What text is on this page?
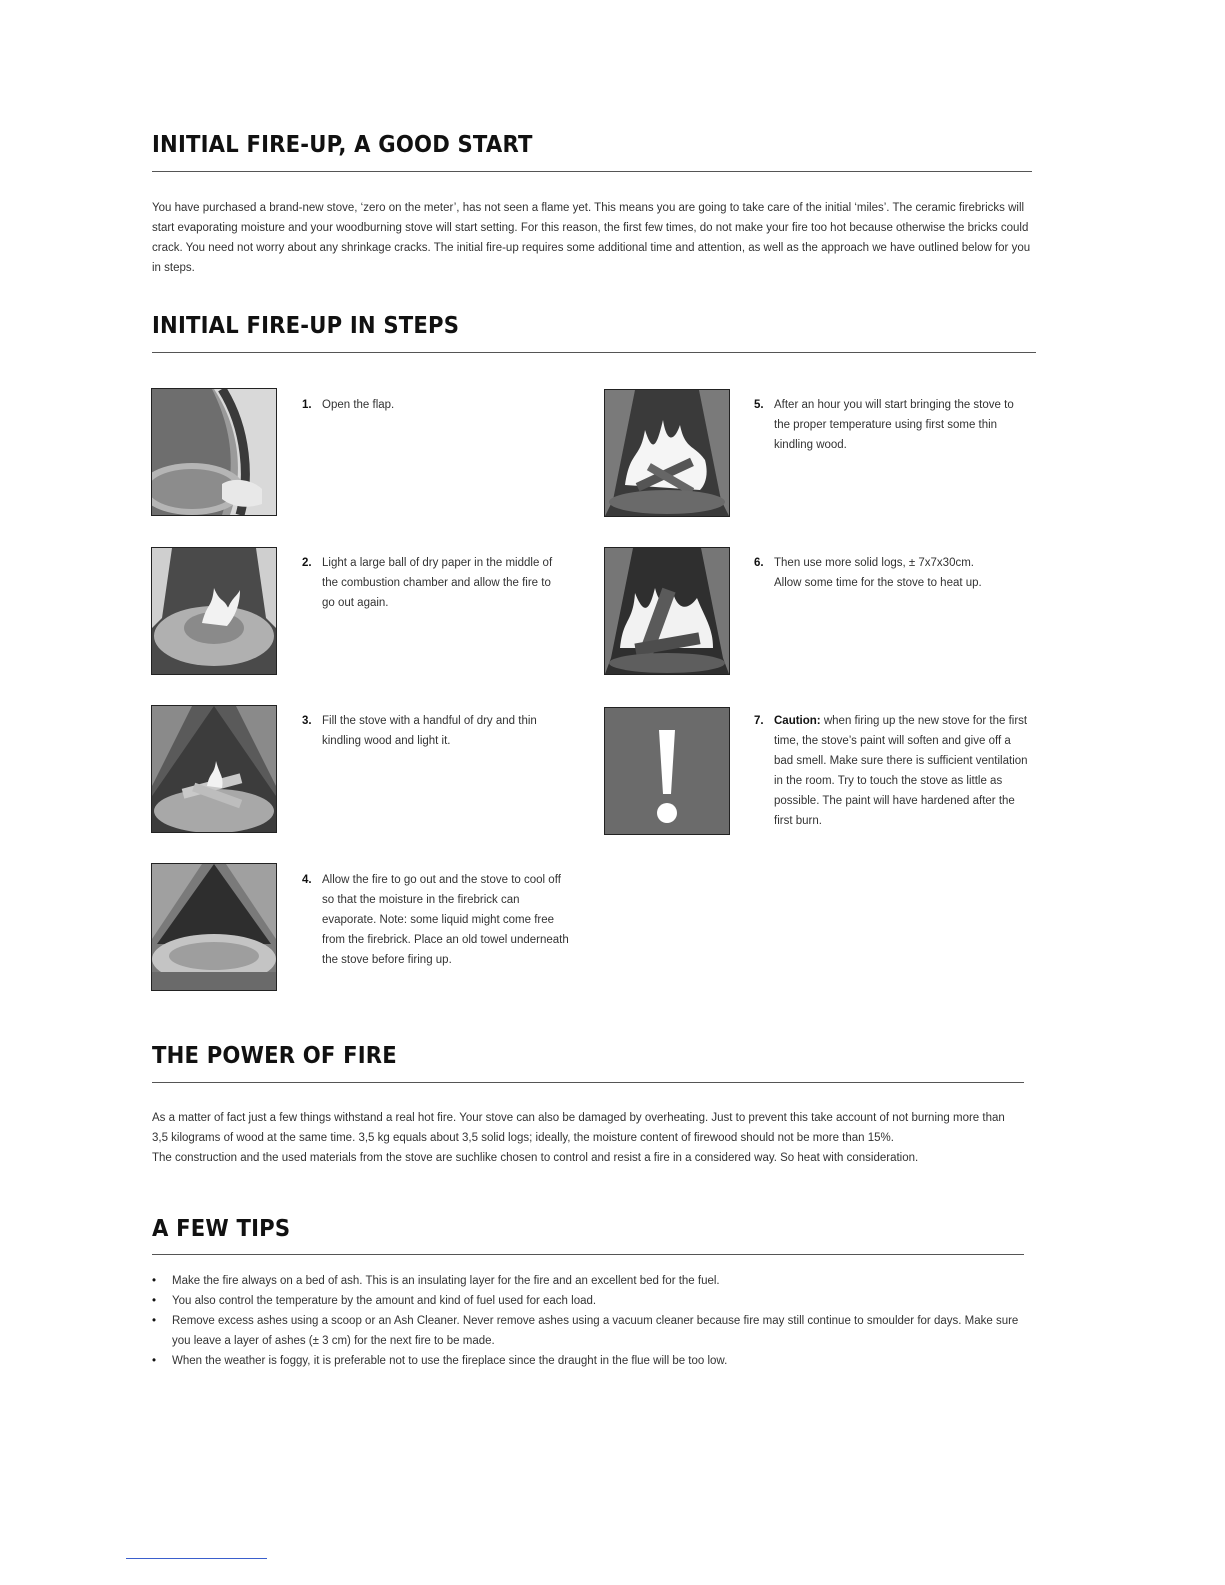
INITIAL FIRE-UP, A GOOD START

You have purchased a brand-new stove, ‘zero on the meter’, has not seen a flame yet. This means you are going to take care of the initial ‘miles’. The ceramic firebricks will start evaporating moisture and your woodburning stove will start setting. For this reason, the first few times, do not make your fire too hot because otherwise the bricks could crack. You need not worry about any shrinkage cracks. The initial fire-up requires some additional time and attention, as well as the approach we have outlined below for you in steps.

INITIAL FIRE-UP IN STEPS
1. Open the flap.
2. Light a large ball of dry paper in the middle of the combustion chamber and allow the fire to go out again.
3. Fill the stove with a handful of dry and thin kindling wood and light it.
4. Allow the fire to go out and the stove to cool off so that the moisture in the firebrick can evaporate. Note: some liquid might come free from the firebrick. Place an old towel underneath the stove before firing up.
5. After an hour you will start bringing the stove to the proper temperature using first some thin kindling wood.
6. Then use more solid logs, ± 7x7x30cm. Allow some time for the stove to heat up.
7. Caution: when firing up the new stove for the first time, the stove’s paint will soften and give off a bad smell. Make sure there is sufficient ventilation in the room. Try to touch the stove as little as possible. The paint will have hardened after the first burn.
THE POWER OF FIRE

As a matter of fact just a few things withstand a real hot fire. Your stove can also be damaged by overheating. Just to prevent this take account of not burning more than 3,5 kilograms of wood at the same time. 3,5 kg equals about 3,5 solid logs; ideally, the moisture content of firewood should not be more than 15%.

The construction and the used materials from the stove are suchlike chosen to control and resist a fire in a considered way. So heat with consideration.

A FEW TIPS
• Make the fire always on a bed of ash. This is an insulating layer for the fire and an excellent bed for the fuel.
• You also control the temperature by the amount and kind of fuel used for each load.
• Remove excess ashes using a scoop or an Ash Cleaner. Never remove ashes using a vacuum cleaner because fire may still continue to smoulder for days. Make sure you leave a layer of ashes (± 3 cm) for the next fire to be made.
• When the weather is foggy, it is preferable not to use the fireplace since the draught in the flue will be too low.
